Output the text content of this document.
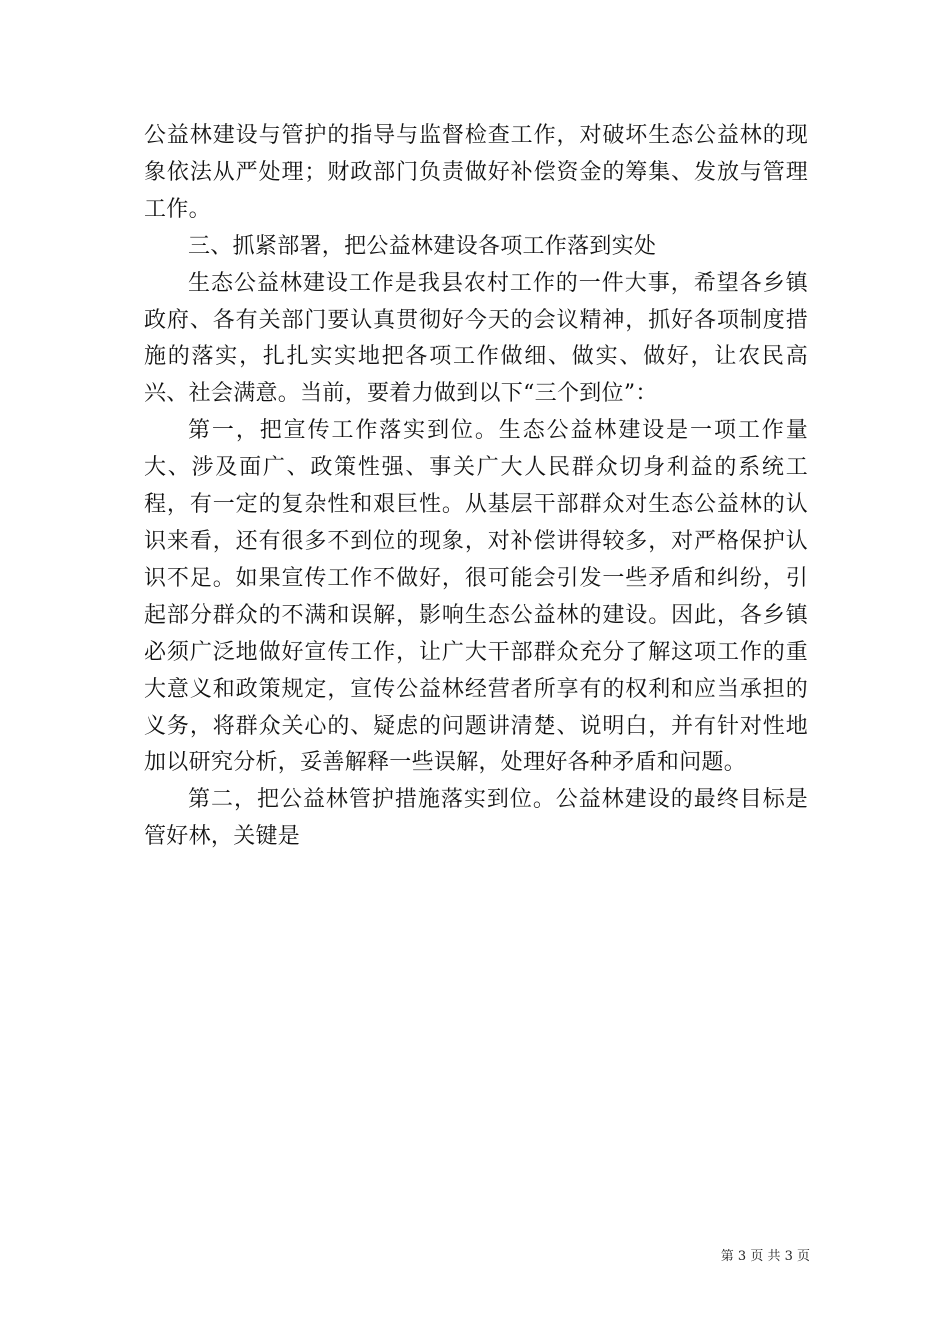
公益林建设与管护的指导与监督检查工作，对破坏生态公益林的现象依法从严处理；财政部门负责做好补偿资金的筹集、发放与管理工作。

三、抓紧部署，把公益林建设各项工作落到实处

生态公益林建设工作是我县农村工作的一件大事，希望各乡镇政府、各有关部门要认真贯彻好今天的会议精神，抓好各项制度措施的落实，扎扎实实地把各项工作做细、做实、做好，让农民高兴、社会满意。当前，要着力做到以下“三个到位”：

第一，把宣传工作落实到位。生态公益林建设是一项工作量大、涉及面广、政策性强、事关广大人民群众切身利益的系统工程，有一定的复杂性和艰巨性。从基层干部群众对生态公益林的认识来看，还有很多不到位的现象，对补偿讲得较多，对严格保护认识不足。如果宣传工作不做好，很可能会引发一些矛盾和纠纷，引起部分群众的不满和误解，影响生态公益林的建设。因此，各乡镇必须广泛地做好宣传工作，让广大干部群众充分了解这项工作的重大意义和政策规定，宣传公益林经营者所享有的权利和应当承担的义务，将群众关心的、疑虑的问题讲清楚、说明白，并有针对性地加以研究分析，妥善解释一些误解，处理好各种矛盾和问题。

第二，把公益林管护措施落实到位。公益林建设的最终目标是管好林，关键是

第 3 页 共 3 页
